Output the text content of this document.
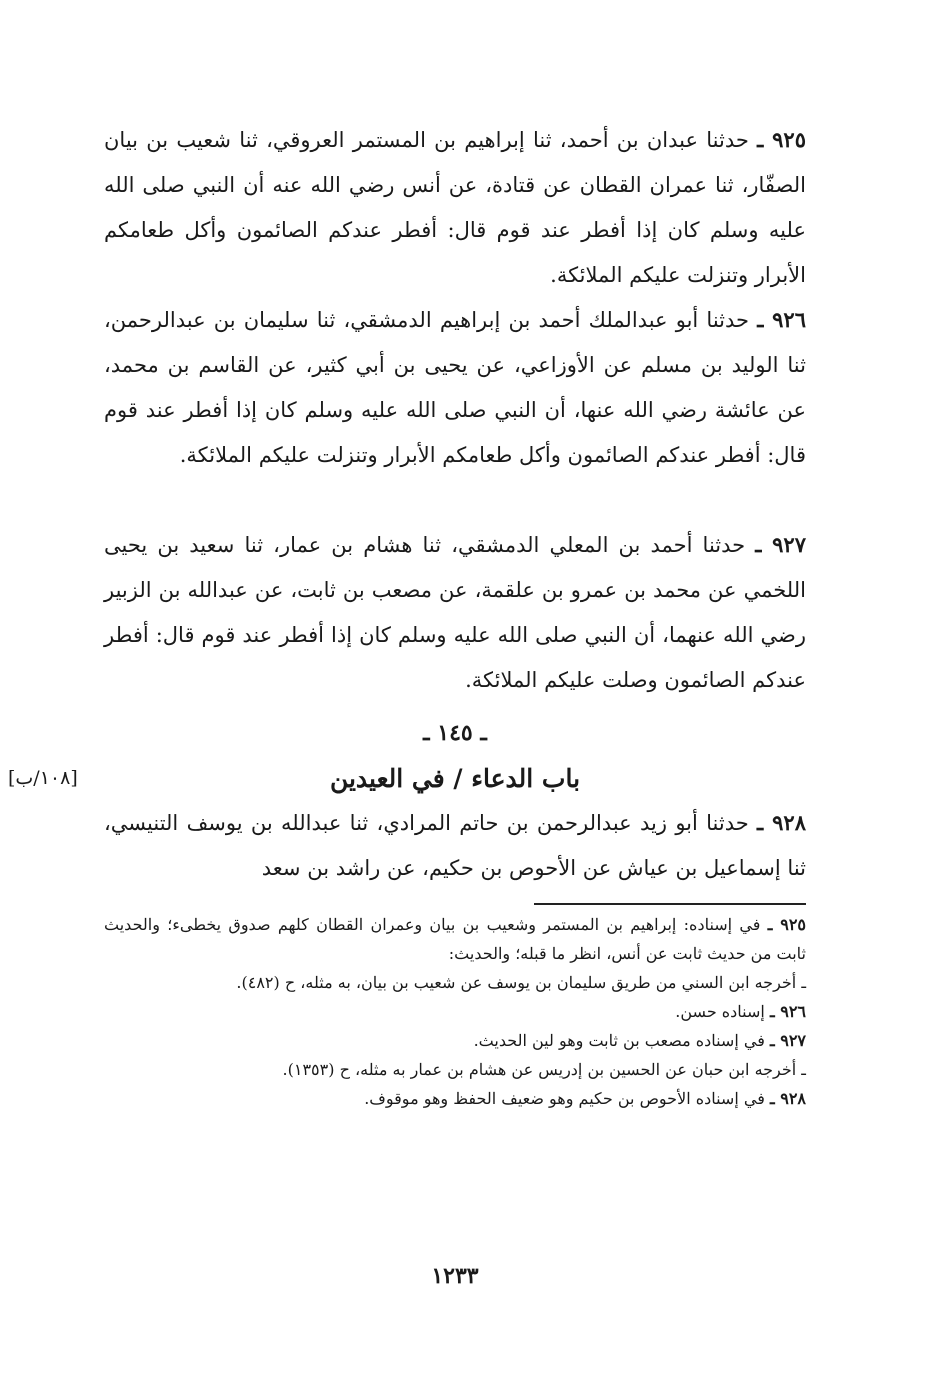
٩٢٥ ـ حدثنا عبدان بن أحمد، ثنا إبراهيم بن المستمر العروقي، ثنا شعيب بن بيان الصفّار، ثنا عمران القطان عن قتادة، عن أنس رضي الله عنه أن النبي صلى الله عليه وسلم كان إذا أفطر عند قوم قال: أفطر عندكم الصائمون وأكل طعامكم الأبرار وتنزلت عليكم الملائكة.

٩٢٦ ـ حدثنا أبو عبدالملك أحمد بن إبراهيم الدمشقي، ثنا سليمان بن عبدالرحمن، ثنا الوليد بن مسلم عن الأوزاعي، عن يحيى بن أبي كثير، عن القاسم بن محمد، عن عائشة رضي الله عنها، أن النبي صلى الله عليه وسلم كان إذا أفطر عند قوم قال: أفطر عندكم الصائمون وأكل طعامكم الأبرار وتنزلت عليكم الملائكة.

٩٢٧ ـ حدثنا أحمد بن المعلي الدمشقي، ثنا هشام بن عمار، ثنا سعيد بن يحيى اللخمي عن محمد بن عمرو بن علقمة، عن مصعب بن ثابت، عن عبدالله بن الزبير رضي الله عنهما، أن النبي صلى الله عليه وسلم كان إذا أفطر عند قوم قال: أفطر عندكم الصائمون وصلت عليكم الملائكة.

ـ ١٤٥ ـ

باب الدعاء / في العيدين

[١٠٨/ب]

٩٢٨ ـ حدثنا أبو زيد عبدالرحمن بن حاتم المرادي، ثنا عبدالله بن يوسف التنيسي، ثنا إسماعيل بن عياش عن الأحوص بن حكيم، عن راشد بن سعد

٩٢٥ ـ في إسناده: إبراهيم بن المستمر وشعيب بن بيان وعمران القطان كلهم صدوق يخطىء؛ والحديث ثابت من حديث ثابت عن أنس، انظر ما قبله؛ والحديث:

ـ أخرجه ابن السني من طريق سليمان بن يوسف عن شعيب بن بيان، به مثله، ح (٤٨٢).

٩٢٦ ـ إسناده حسن.

٩٢٧ ـ في إسناده مصعب بن ثابت وهو لين الحديث.

ـ أخرجه ابن حبان عن الحسين بن إدريس عن هشام بن عمار به مثله، ح (١٣٥٣).

٩٢٨ ـ في إسناده الأحوص بن حكيم وهو ضعيف الحفظ وهو موقوف.

١٢٣٣
